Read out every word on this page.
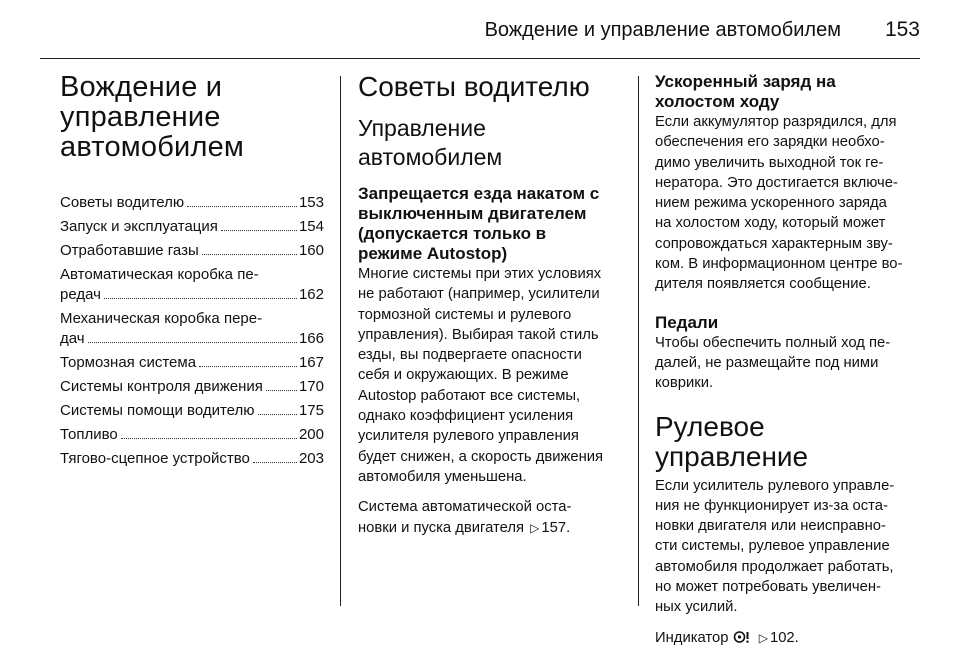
Вождение и управление автомобилем 153
Вождение и
управление
автомобилем
Советы водителю	153
Запуск и эксплуатация	154
Отработавшие газы	160
Автоматическая коробка пе-
редач	162
Механическая коробка пере-
дач	166
Тормозная система	167
Системы контроля движения 170
Системы помощи водителю	175
Топливо	200
Тягово-сцепное устройство	203
Советы водителю
Управление
автомобилем
Запрещается езда накатом с
выключенным двигателем
(допускается только в
режиме Autostop)

Многие системы при этих условиях
не работают (например, усилители
тормозной системы и рулевого
управления). Выбирая такой стиль
езды, вы подвергаете опасности
себя и окружающих. В режиме
Autostop работают все системы,
однако коэффициент усиления
усилителя рулевого управления
будет снижен, а скорость движения
автомобиля уменьшена.

Система автоматической оста-
новки и пуска двигателя ▷ 157.

Ускоренный заряд на
холостом ходу

Если аккумулятор разрядился, для
обеспечения его зарядки необхо-
димо увеличить выходной ток ге-
нератора. Это достигается включе-
нием режима ускоренного заряда
на холостом ходу, который может
сопровождаться характерным зву-
ком. В информационном центре во-
дителя появляется сообщение.

Педали

Чтобы обеспечить полный ход пе-
далей, не размещайте под ними
коврики.

Рулевое управление

Если усилитель рулевого управле-
ния не функционирует из-за оста-
новки двигателя или неисправно-
сти системы, рулевое управление
автомобиля продолжает работать,
но может потребовать увеличен-
ных усилий.

Индикатор	▷ 102.
